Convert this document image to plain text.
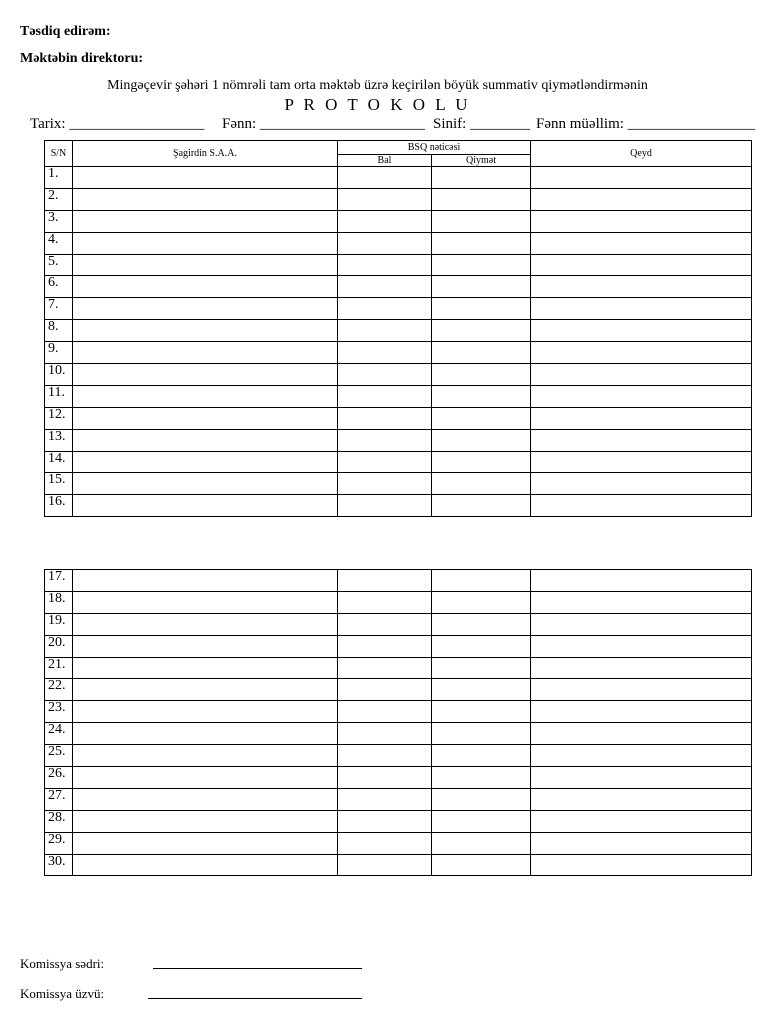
Təsdiq edirəm:
Məktəbin direktoru:
Mingəçevir şəhəri 1 nömrəli tam orta məktəb üzrə keçirilən böyük summativ qiymətləndirmənin
P R O T O K O L U
Tarix: __________________ Fənn: ______________________ Sinif: ________ Fənn müəllim: _________________
S/N	Şagirdin S.A.A.	BSQ nəticəsi		Qeyd
		Bal	Qiymət	
1.				
2.				
3.				
4.				
5.				
6.				
7.				
8.				
9.				
10.				
11.				
12.				
13.				
14.				
15.				
16.				
17.				
18.				
19.				
20.				
21.				
22.				
23.				
24.				
25.				
26.				
27.				
28.				
29.				
30.				
Komissya sədri:
Komissya üzvü:
